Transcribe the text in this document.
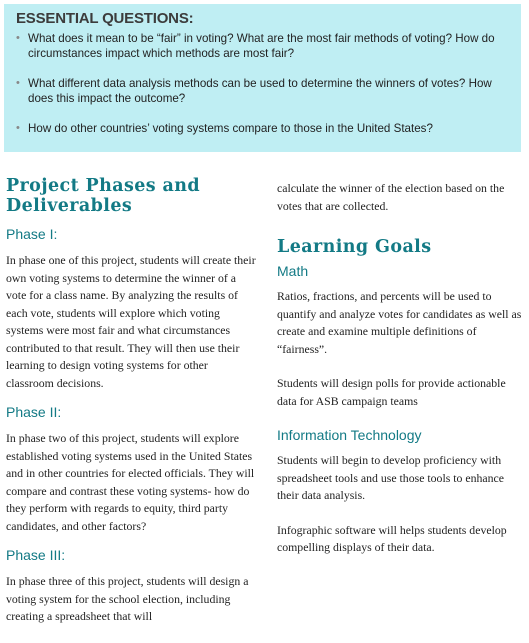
ESSENTIAL QUESTIONS:
• What does it mean to be “fair” in voting? What are the most fair methods of voting? How do circumstances impact which methods are most fair?
• What different data analysis methods can be used to determine the winners of votes? How does this impact the outcome?
• How do other countries’ voting systems compare to those in the United States?
Project Phases and Deliverables
Phase I:

In phase one of this project, students will create their own voting systems to determine the winner of a vote for a class name. By analyzing the results of each vote, students will explore which voting systems were most fair and what circumstances contributed to that result. They will then use their learning to design voting systems for other classroom decisions.

Phase II:

In phase two of this project, students will explore established voting systems used in the United States and in other countries for elected officials. They will compare and contrast these voting systems- how do they perform with regards to equity, third party candidates, and other factors?

Phase III:

In phase three of this project, students will design a voting system for the school election, including creating a spreadsheet that will

calculate the winner of the election based on the votes that are collected.

Learning Goals
Math

Ratios, fractions, and percents will be used to quantify and analyze votes for candidates as well as create and examine multiple definitions of “fairness”.

Students will design polls for provide actionable data for ASB campaign teams

Information Technology

Students will begin to develop proficiency with spreadsheet tools and use those tools to enhance their data analysis.

Infographic software will helps students develop compelling displays of their data.
